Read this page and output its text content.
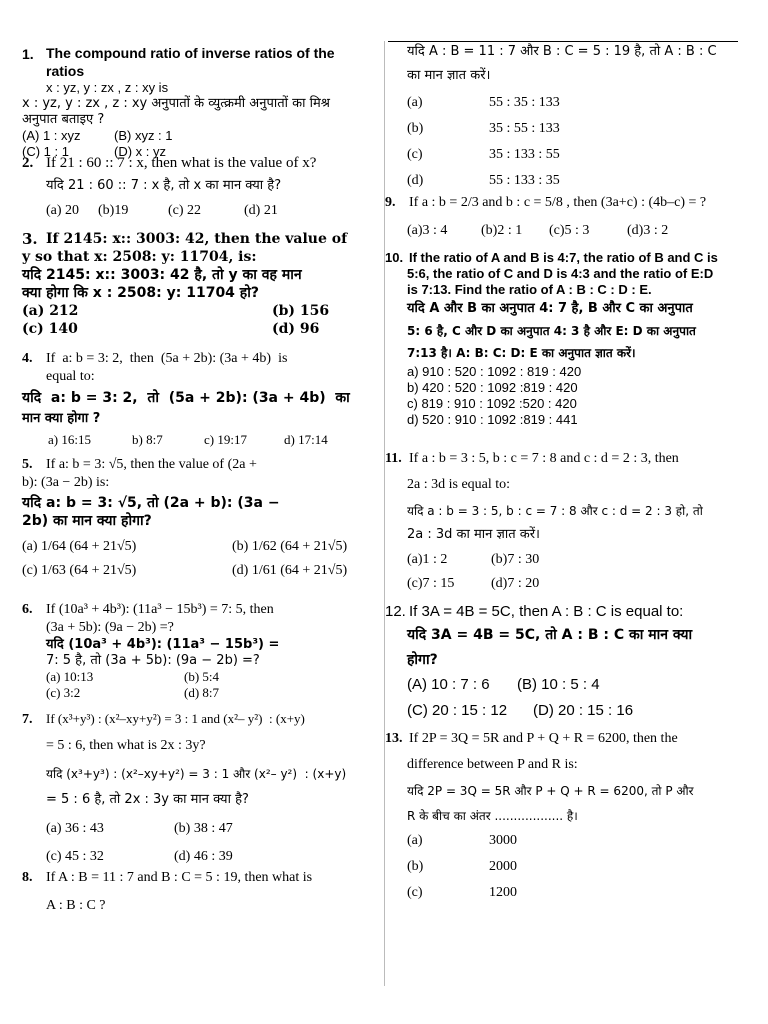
1. The compound ratio of inverse ratios of the ratios
x : yz, y : zx , z : xy is
x : yz, y : zx , z : xy अनुपातों के व्युत्क्रमी अनुपातों का मिश्र
अनुपात बताइए ?
(A) 1 : xyz	(B) xyz : 1
(C) 1 : 1	(D) x : yz
2. If 21 : 60 :: 7 : x, then what is the value of x?
यदि 21 : 60 :: 7 : x है, तो x का मान क्या है?
(a) 20	(b)19	(c) 22	(d) 21
3. If 2145: x:: 3003: 42, then the value of
y so that x: 2508: y: 11704, is:
यदि 2145: x:: 3003: 42 है, तो y का वह मान
क्या होगा कि x : 2508: y: 11704 हो?
(a) 212	(b) 156
(c) 140	(d) 96
4. If  a: b = 3: 2,  then  (5a + 2b): (3a + 4b)  is
equal to:
यदि  a: b = 3: 2,  तो  (5a + 2b): (3a + 4b)  का
मान क्या होगा ?
a) 16:15	b) 8:7	c) 19:17	d) 17:14
5. If a: b = 3: √5, then the value of (2a +
b): (3a − 2b) is:
यदि a: b = 3: √5, तो (2a + b): (3a −
2b) का मान क्या होगा?
(a) 1/64 (64 + 21√5)	(b) 1/62 (64 + 21√5)
(c) 1/63 (64 + 21√5)	(d) 1/61 (64 + 21√5)
6. If (10a³ + 4b³): (11a³ − 15b³) = 7: 5, then
(3a + 5b): (9a − 2b) =?
यदि (10a³ + 4b³): (11a³ − 15b³) =
7: 5 है, तो (3a + 5b): (9a − 2b) =?
(a) 10:13	(b) 5:4
(c) 3:2	(d) 8:7
7. If (x³+y³) : (x²–xy+y²) = 3 : 1 and (x²– y²)  : (x+y)
= 5 : 6, then what is 2x : 3y?
यदि (x³+y³) : (x²–xy+y²) = 3 : 1 और (x²– y²)  : (x+y)
= 5 : 6 है, तो 2x : 3y का मान क्या है?
(a) 36 : 43	(b) 38 : 47
(c) 45 : 32	(d) 46 : 39
8. If A : B = 11 : 7 and B : C = 5 : 19, then what is
A : B : C ?
यदि A : B = 11 : 7 और B : C = 5 : 19 है, तो A : B : C
का मान ज्ञात करें।
(a)	55 : 35 : 133
(b)	35 : 55 : 133
(c)	35 : 133 : 55
(d)	55 : 133 : 35
9. If a : b = 2/3 and b : c = 5/8 , then (3a+c) : (4b–c) = ?
(a)3 : 4	(b)2 : 1	(c)5 : 3	(d)3 : 2
10. If the ratio of A and B is 4:7, the ratio of B and C is
5:6, the ratio of C and D is 4:3 and the ratio of E:D
is 7:13. Find the ratio of A : B : C : D : E.
यदि A और B का अनुपात 4: 7 है, B और C का अनुपात
5: 6 है, C और D का अनुपात 4: 3 है और E: D का अनुपात
7:13 है। A: B: C: D: E का अनुपात ज्ञात करें।
a) 910 : 520 : 1092 : 819 : 420
b) 420 : 520 : 1092 :819 : 420
c) 819 : 910 : 1092 :520 : 420
d) 520 : 910 : 1092 :819 : 441
11. If a : b = 3 : 5, b : c = 7 : 8 and c : d = 2 : 3, then
2a : 3d is equal to:
यदि a : b = 3 : 5, b : c = 7 : 8 और c : d = 2 : 3 हो, तो
2a : 3d का मान ज्ञात करें।
(a)1 : 2	(b)7 : 30
(c)7 : 15	(d)7 : 20
12. If 3A = 4B = 5C, then A : B : C is equal to:
यदि 3A = 4B = 5C, तो A : B : C का मान क्या
होगा?
(A) 10 : 7 : 6	(B) 10 : 5 : 4
(C) 20 : 15 : 12	(D) 20 : 15 : 16
13. If 2P = 3Q = 5R and P + Q + R = 6200, then the
difference between P and R is:
यदि 2P = 3Q = 5R और P + Q + R = 6200, तो P और
R के बीच का अंतर .................. है।
(a)	3000
(b)	2000
(c)	1200
